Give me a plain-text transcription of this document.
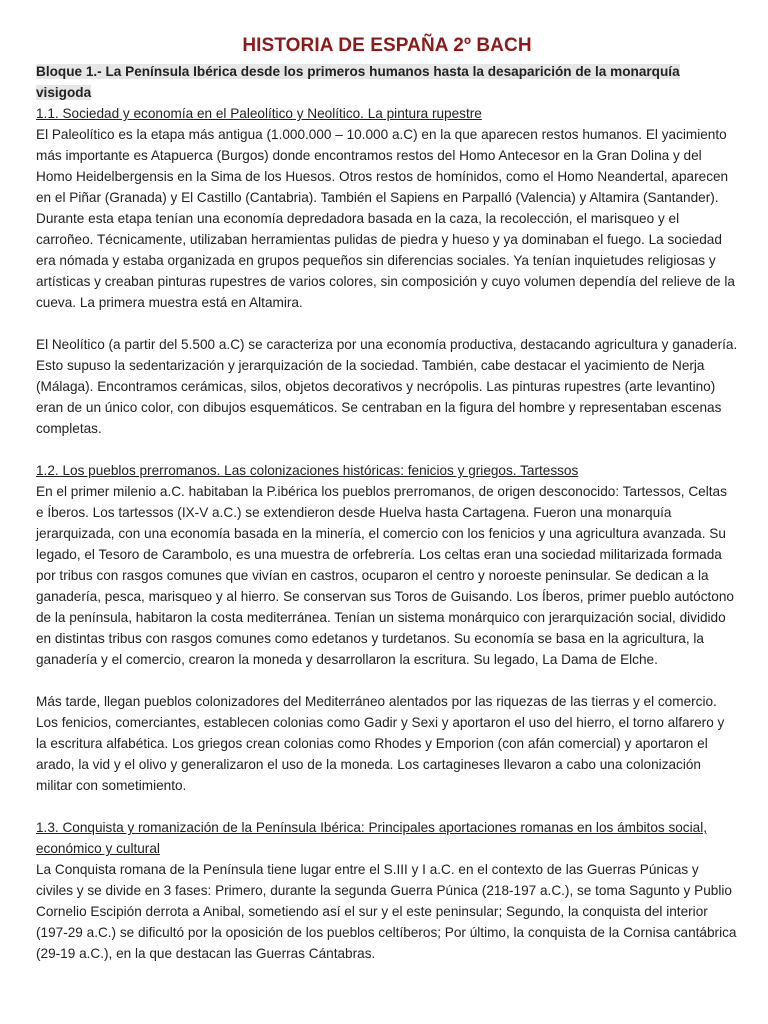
HISTORIA DE ESPAÑA 2º BACH

Bloque 1.- La Península Ibérica desde los primeros humanos hasta la desaparición de la monarquía visigoda

1.1. Sociedad y economía en el Paleolítico y Neolítico. La pintura rupestre

El Paleolítico es la etapa más antigua (1.000.000 – 10.000 a.C) en la que aparecen restos humanos. El yacimiento más importante es Atapuerca (Burgos) donde encontramos restos del Homo Antecesor en la Gran Dolina y del Homo Heidelbergensis en la Sima de los Huesos. Otros restos de homínidos, como el Homo Neandertal, aparecen en el Piñar (Granada) y El Castillo (Cantabria). También el Sapiens en Parpalló (Valencia) y Altamira (Santander). Durante esta etapa tenían una economía depredadora basada en la caza, la recolección, el marisqueo y el carroñeo. Técnicamente, utilizaban herramientas pulidas de piedra y hueso y ya dominaban el fuego. La sociedad era nómada y estaba organizada en grupos pequeños sin diferencias sociales. Ya tenían inquietudes religiosas y artísticas y creaban pinturas rupestres de varios colores, sin composición y cuyo volumen dependía del relieve de la cueva. La primera muestra está en Altamira.

El Neolítico (a partir del 5.500 a.C) se caracteriza por una economía productiva, destacando agricultura y ganadería. Esto supuso la sedentarización y jerarquización de la sociedad. También, cabe destacar el yacimiento de Nerja (Málaga). Encontramos cerámicas, silos, objetos decorativos y necrópolis. Las pinturas rupestres (arte levantino) eran de un único color, con dibujos esquemáticos. Se centraban en la figura del hombre y representaban escenas completas.

1.2. Los pueblos prerromanos. Las colonizaciones históricas: fenicios y griegos. Tartessos

En el primer milenio a.C. habitaban la P.ibérica los pueblos prerromanos, de origen desconocido: Tartessos, Celtas e Íberos. Los tartessos (IX-V a.C.) se extendieron desde Huelva hasta Cartagena. Fueron una monarquía jerarquizada, con una economía basada en la minería, el comercio con los fenicios y una agricultura avanzada. Su legado, el Tesoro de Carambolo, es una muestra de orfebrería. Los celtas eran una sociedad militarizada formada por tribus con rasgos comunes que vivían en castros, ocuparon el centro y noroeste peninsular. Se dedican a la ganadería, pesca, marisqueo y al hierro. Se conservan sus Toros de Guisando. Los Íberos, primer pueblo autóctono de la península, habitaron la costa mediterránea. Tenían un sistema monárquico con jerarquización social, dividido en distintas tribus con rasgos comunes como edetanos y turdetanos. Su economía se basa en la agricultura, la ganadería y el comercio, crearon la moneda y desarrollaron la escritura. Su legado, La Dama de Elche.

Más tarde, llegan pueblos colonizadores del Mediterráneo alentados por las riquezas de las tierras y el comercio. Los fenicios, comerciantes, establecen colonias como Gadir y Sexi y aportaron el uso del hierro, el torno alfarero y la escritura alfabética. Los griegos crean colonias como Rhodes y Emporion (con afán comercial) y aportaron el arado, la vid y el olivo y generalizaron el uso de la moneda. Los cartagineses llevaron a cabo una colonización militar con sometimiento.

1.3. Conquista y romanización de la Península Ibérica: Principales aportaciones romanas en los ámbitos social, económico y cultural

La Conquista romana de la Península tiene lugar entre el S.III y I a.C. en el contexto de las Guerras Púnicas y civiles y se divide en 3 fases: Primero, durante la segunda Guerra Púnica (218-197 a.C.), se toma Sagunto y Publio Cornelio Escipión derrota a Anibal, sometiendo así el sur y el este peninsular; Segundo, la conquista del interior (197-29 a.C.) se dificultó por la oposición de los pueblos celtíberos; Por último, la conquista de la Cornisa cantábrica (29-19 a.C.), en la que destacan las Guerras Cántabras.
